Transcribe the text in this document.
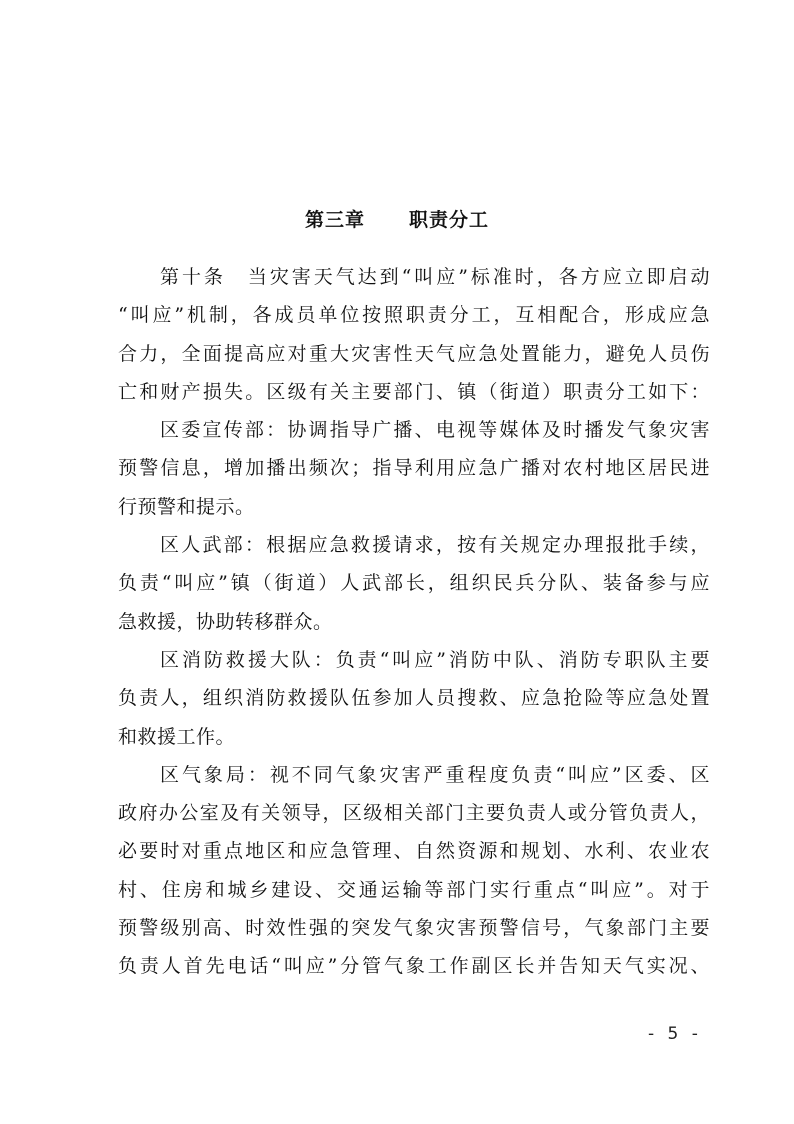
第三章 职责分工
第十条　当灾害天气达到“叫应”标准时，各方应立即启动
“叫应”机制，各成员单位按照职责分工，互相配合，形成应急
合力，全面提高应对重大灾害性天气应急处置能力，避免人员伤
亡和财产损失。区级有关主要部门、镇（街道）职责分工如下：
区委宣传部：协调指导广播、电视等媒体及时播发气象灾害
预警信息，增加播出频次；指导利用应急广播对农村地区居民进
行预警和提示。
区人武部：根据应急救援请求，按有关规定办理报批手续，
负责“叫应”镇（街道）人武部长，组织民兵分队、装备参与应
急救援，协助转移群众。
区消防救援大队：负责“叫应”消防中队、消防专职队主要
负责人，组织消防救援队伍参加人员搜救、应急抢险等应急处置
和救援工作。
区气象局：视不同气象灾害严重程度负责“叫应”区委、区
政府办公室及有关领导，区级相关部门主要负责人或分管负责人，
必要时对重点地区和应急管理、自然资源和规划、水利、农业农
村、住房和城乡建设、交通运输等部门实行重点“叫应”。对于
预警级别高、时效性强的突发气象灾害预警信号，气象部门主要
负责人首先电话“叫应”分管气象工作副区长并告知天气实况、
- 5 -
